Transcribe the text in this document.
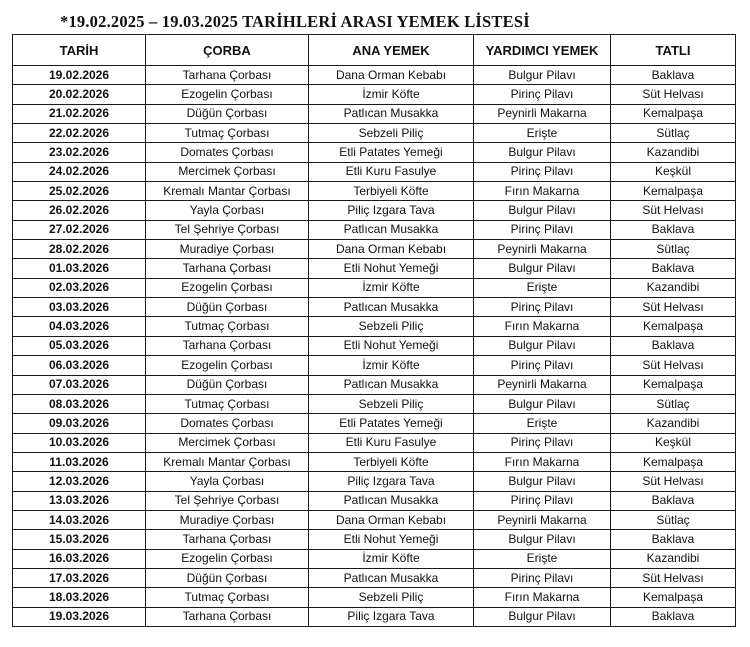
*19.02.2025 – 19.03.2025 TARİHLERİ ARASI YEMEK LİSTESİ
TARİH	ÇORBA	ANA YEMEK	YARDIMCI YEMEK	TATLI
19.02.2026	Tarhana Çorbası	Dana Orman Kebabı	Bulgur Pilavı	Baklava
20.02.2026	Ezogelin Çorbası	İzmir Köfte	Pirinç Pilavı	Süt Helvası
21.02.2026	Düğün Çorbası	Patlıcan Musakka	Peynirli Makarna	Kemalpaşa
22.02.2026	Tutmaç Çorbası	Sebzeli Piliç	Erişte	Sütlaç
23.02.2026	Domates Çorbası	Etli Patates Yemeği	Bulgur Pilavı	Kazandibi
24.02.2026	Mercimek Çorbası	Etli Kuru Fasulye	Pirinç Pilavı	Keşkül
25.02.2026	Kremalı Mantar Çorbası	Terbiyeli Köfte	Fırın Makarna	Kemalpaşa
26.02.2026	Yayla Çorbası	Piliç Izgara Tava	Bulgur Pilavı	Süt Helvası
27.02.2026	Tel Şehriye Çorbası	Patlıcan Musakka	Pirinç Pilavı	Baklava
28.02.2026	Muradiye Çorbası	Dana Orman Kebabı	Peynirli Makarna	Sütlaç
01.03.2026	Tarhana Çorbası	Etli Nohut Yemeği	Bulgur Pilavı	Baklava
02.03.2026	Ezogelin Çorbası	İzmir Köfte	Erişte	Kazandibi
03.03.2026	Düğün Çorbası	Patlıcan Musakka	Pirinç Pilavı	Süt Helvası
04.03.2026	Tutmaç Çorbası	Sebzeli Piliç	Fırın Makarna	Kemalpaşa
05.03.2026	Tarhana Çorbası	Etli Nohut Yemeği	Bulgur Pilavı	Baklava
06.03.2026	Ezogelin Çorbası	İzmir Köfte	Pirinç Pilavı	Süt Helvası
07.03.2026	Düğün Çorbası	Patlıcan Musakka	Peynirli Makarna	Kemalpaşa
08.03.2026	Tutmaç Çorbası	Sebzeli Piliç	Bulgur Pilavı	Sütlaç
09.03.2026	Domates Çorbası	Etli Patates Yemeği	Erişte	Kazandibi
10.03.2026	Mercimek Çorbası	Etli Kuru Fasulye	Pirinç Pilavı	Keşkül
11.03.2026	Kremalı Mantar Çorbası	Terbiyeli Köfte	Fırın Makarna	Kemalpaşa
12.03.2026	Yayla Çorbası	Piliç Izgara Tava	Bulgur Pilavı	Süt Helvası
13.03.2026	Tel Şehriye Çorbası	Patlıcan Musakka	Pirinç Pilavı	Baklava
14.03.2026	Muradiye Çorbası	Dana Orman Kebabı	Peynirli Makarna	Sütlaç
15.03.2026	Tarhana Çorbası	Etli Nohut Yemeği	Bulgur Pilavı	Baklava
16.03.2026	Ezogelin Çorbası	İzmir Köfte	Erişte	Kazandibi
17.03.2026	Düğün Çorbası	Patlıcan Musakka	Pirinç Pilavı	Süt Helvası
18.03.2026	Tutmaç Çorbası	Sebzeli Piliç	Fırın Makarna	Kemalpaşa
19.03.2026	Tarhana Çorbası	Piliç Izgara Tava	Bulgur Pilavı	Baklava
